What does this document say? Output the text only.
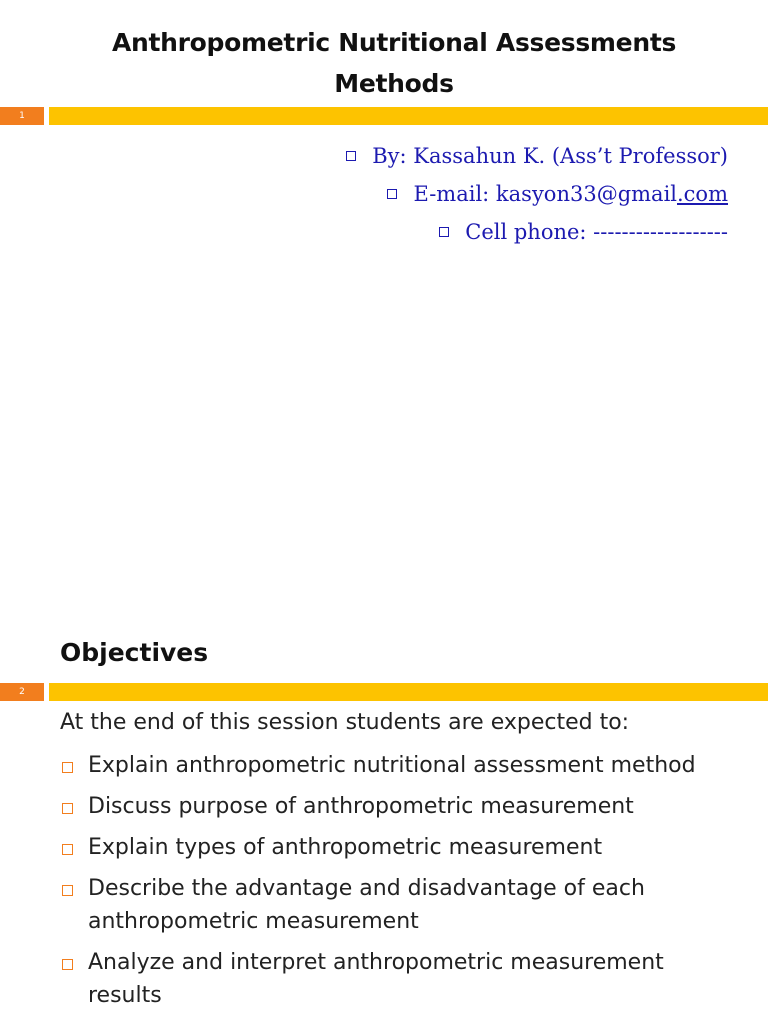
Anthropometric Nutritional Assessments Methods
1
By: Kassahun K. (Ass’t Professor)
E-mail: kasyon33@gmail .com
Cell phone: -------------------
Objectives
2
At the end of this session students are expected to:
Explain anthropometric nutritional assessment method
Discuss purpose of anthropometric measurement
Explain types of anthropometric measurement
Describe the advantage and disadvantage of each anthropometric measurement
Analyze and interpret anthropometric measurement results
